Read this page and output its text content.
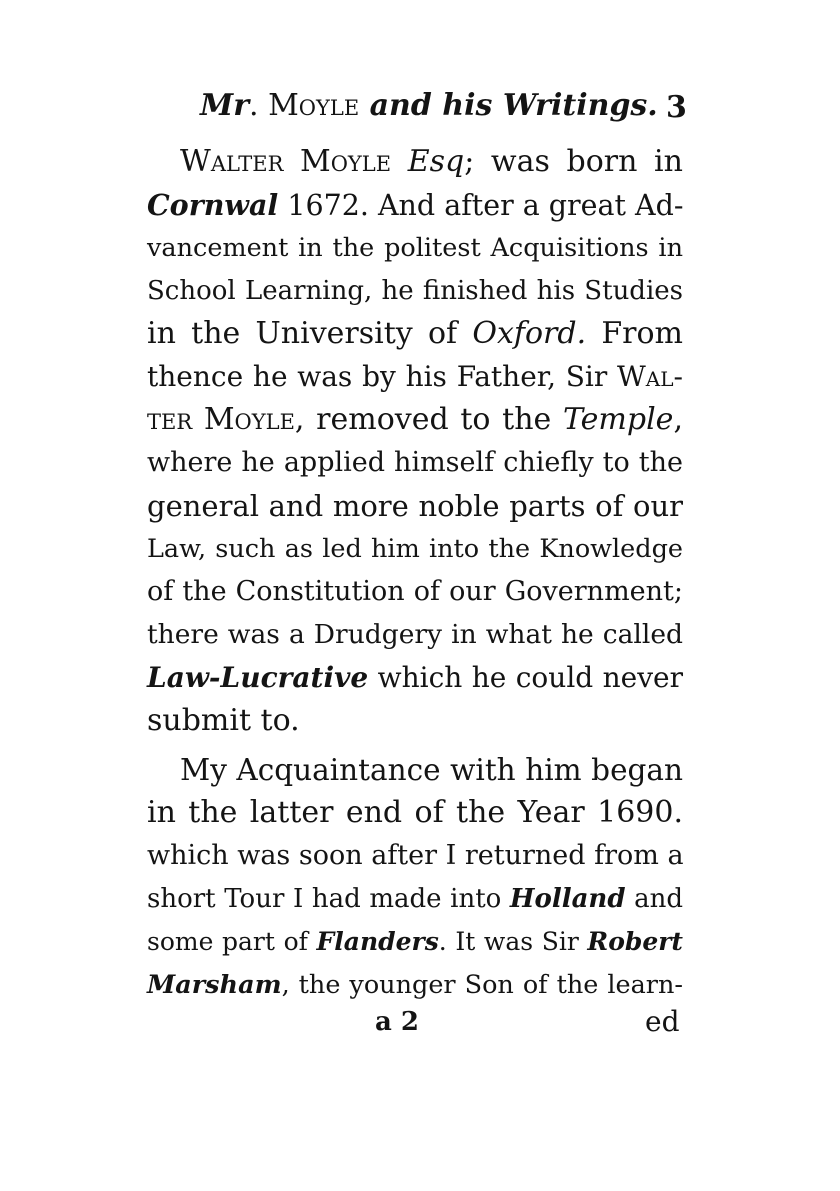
Mr. Moyle and his Writings. 3
Walter Moyle Esq; was born in
Cornwal 1672. And after a great Ad-
vancement in the politest Acquisitions in
School Learning, he finished his Studies
in the University of Oxford. From
thence he was by his Father, Sir Wal-
ter Moyle, removed to the Temple,
where he applied himself chiefly to the
general and more noble parts of our
Law, such as led him into the Knowledge
of the Constitution of our Government;
there was a Drudgery in what he called
Law-Lucrative which he could never
submit to.
My Acquaintance with him began
in the latter end of the Year 1690.
which was soon after I returned from a
short Tour I had made into Holland and
some part of Flanders. It was Sir Robert
Marsham, the younger Son of the learn-
a 2	ed
